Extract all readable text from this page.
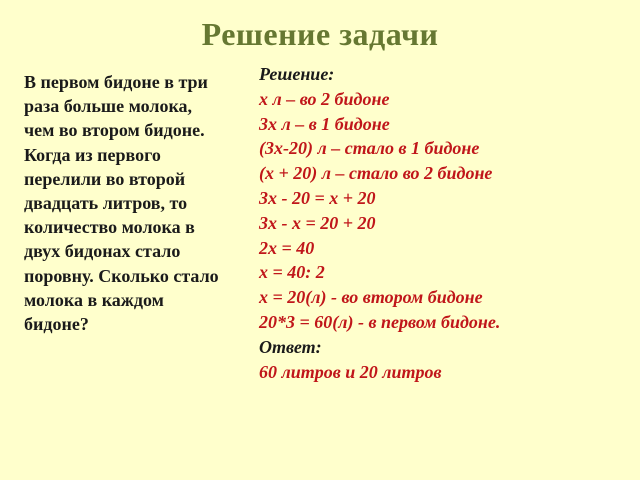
Решение задачи
В первом бидоне в три
раза больше молока,
чем во втором бидоне.
Когда из первого
перелили во второй
двадцать литров, то
количество молока в
двух бидонах стало
поровну. Сколько стало
молока в каждом
бидоне?
Решение:
x л – во 2 бидоне
3x л – в 1 бидоне
(3x-20) л – стало в 1 бидоне
(x + 20) л – стало во 2 бидоне
3x - 20 = x + 20
3x - x = 20 + 20
2x = 40
x = 40: 2
x = 20(л) - во втором бидоне
20*3 = 60(л) - в первом бидоне.
Ответ:
60 литров и 20 литров
